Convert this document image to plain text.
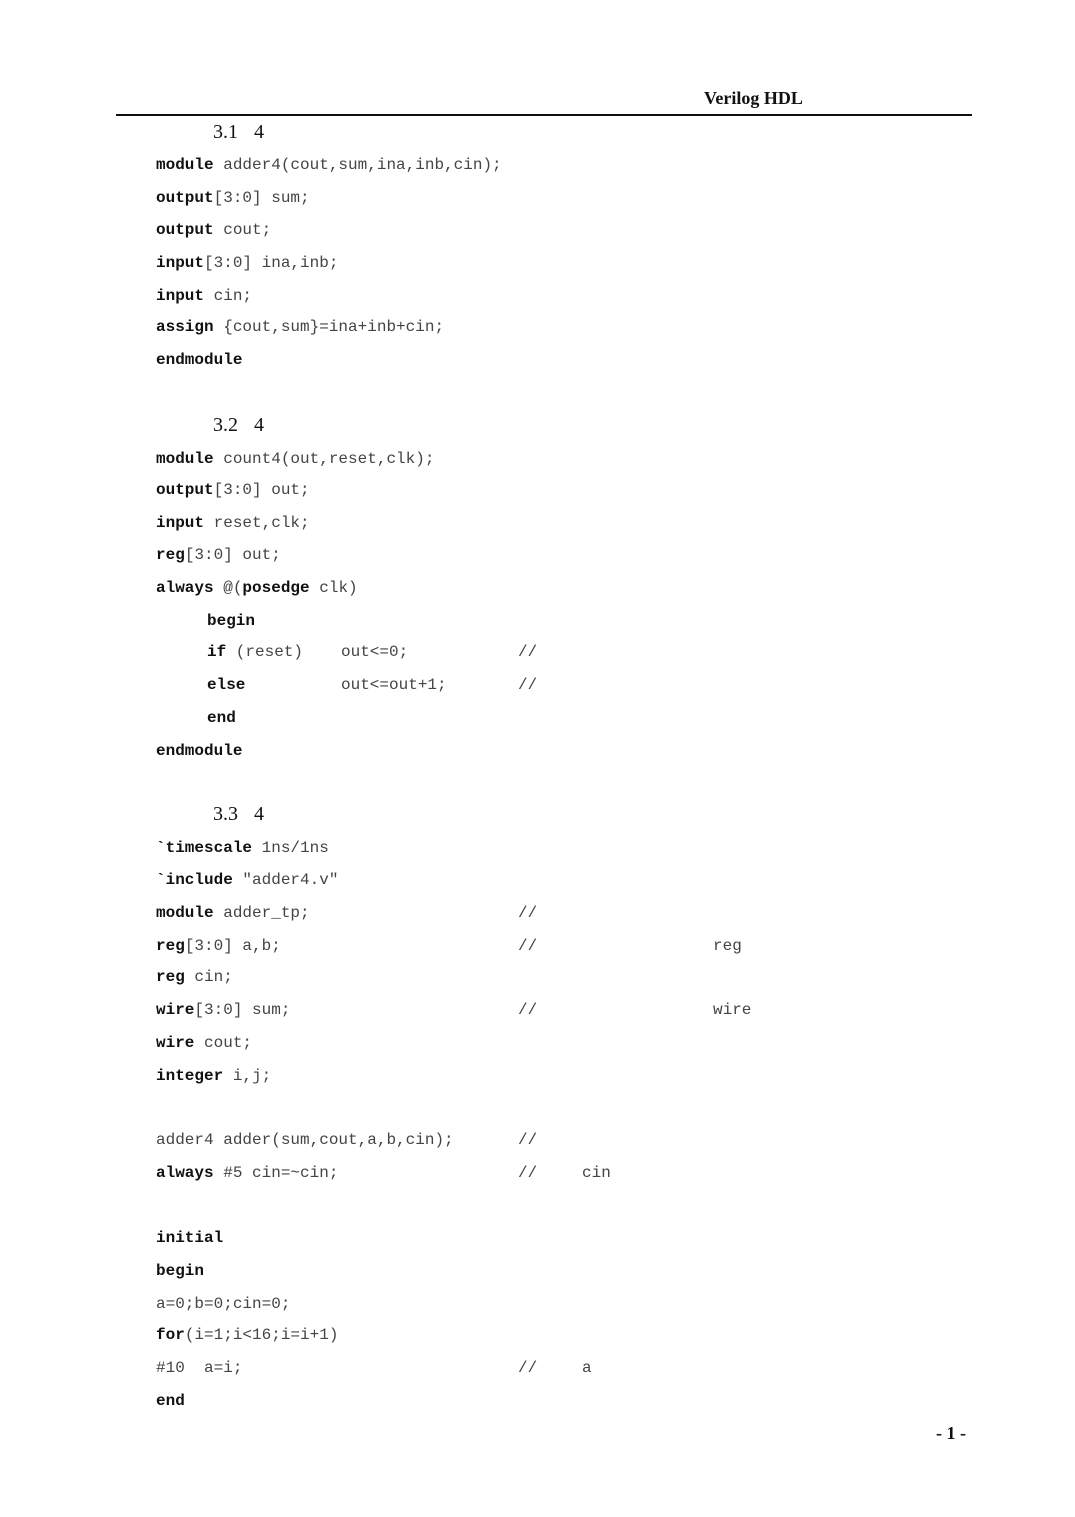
Verilog HDL
3.1 4
module adder4(cout,sum,ina,inb,cin);
output[3:0] sum;
output cout;
input[3:0] ina,inb;
input cin;
assign {cout,sum}=ina+inb+cin;
endmodule
3.2 4
module count4(out,reset,clk);
output[3:0] out;
input reset,clk;
reg[3:0] out;
always @(posedge clk)
begin
if (reset) out<=0;	//
else	out<=out+1;	//
end
endmodule
3.3 4
`timescale 1ns/1ns
`include "adder4.v"
module adder_tp;	//
reg[3:0] a,b;	//	reg
reg cin;
wire[3:0] sum;	//	wire
wire cout;
integer i,j;
adder4 adder(sum,cout,a,b,cin);	//
always #5 cin=~cin;	//	cin
initial
begin
a=0;b=0;cin=0;
for(i=1;i<16;i=i+1)
#10  a=i;	//	a
end
- 1 -
